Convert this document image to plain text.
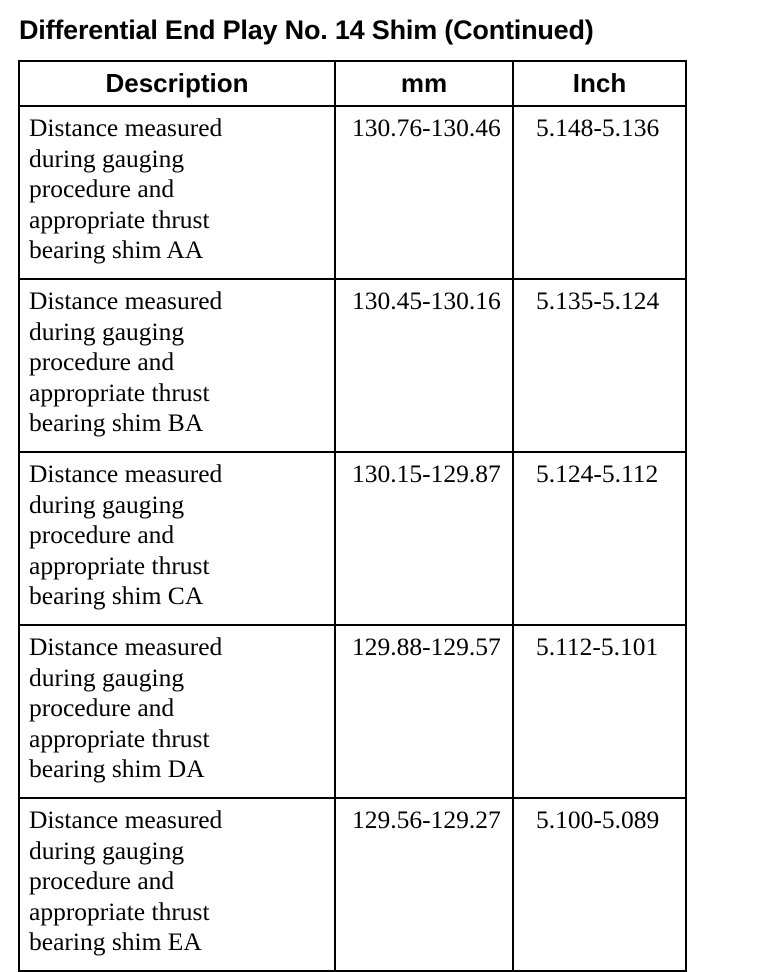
Differential End Play No. 14 Shim (Continued)
Description	mm	Inch

Distance measured
during gauging
procedure and
appropriate thrust
bearing shim AA	130.76-130.46	5.148-5.136

Distance measured
during gauging
procedure and
appropriate thrust
bearing shim BA	130.45-130.16	5.135-5.124

Distance measured
during gauging
procedure and
appropriate thrust
bearing shim CA	130.15-129.87	5.124-5.112

Distance measured
during gauging
procedure and
appropriate thrust
bearing shim DA	129.88-129.57	5.112-5.101

Distance measured
during gauging
procedure and
appropriate thrust
bearing shim EA	129.56-129.27	5.100-5.089
